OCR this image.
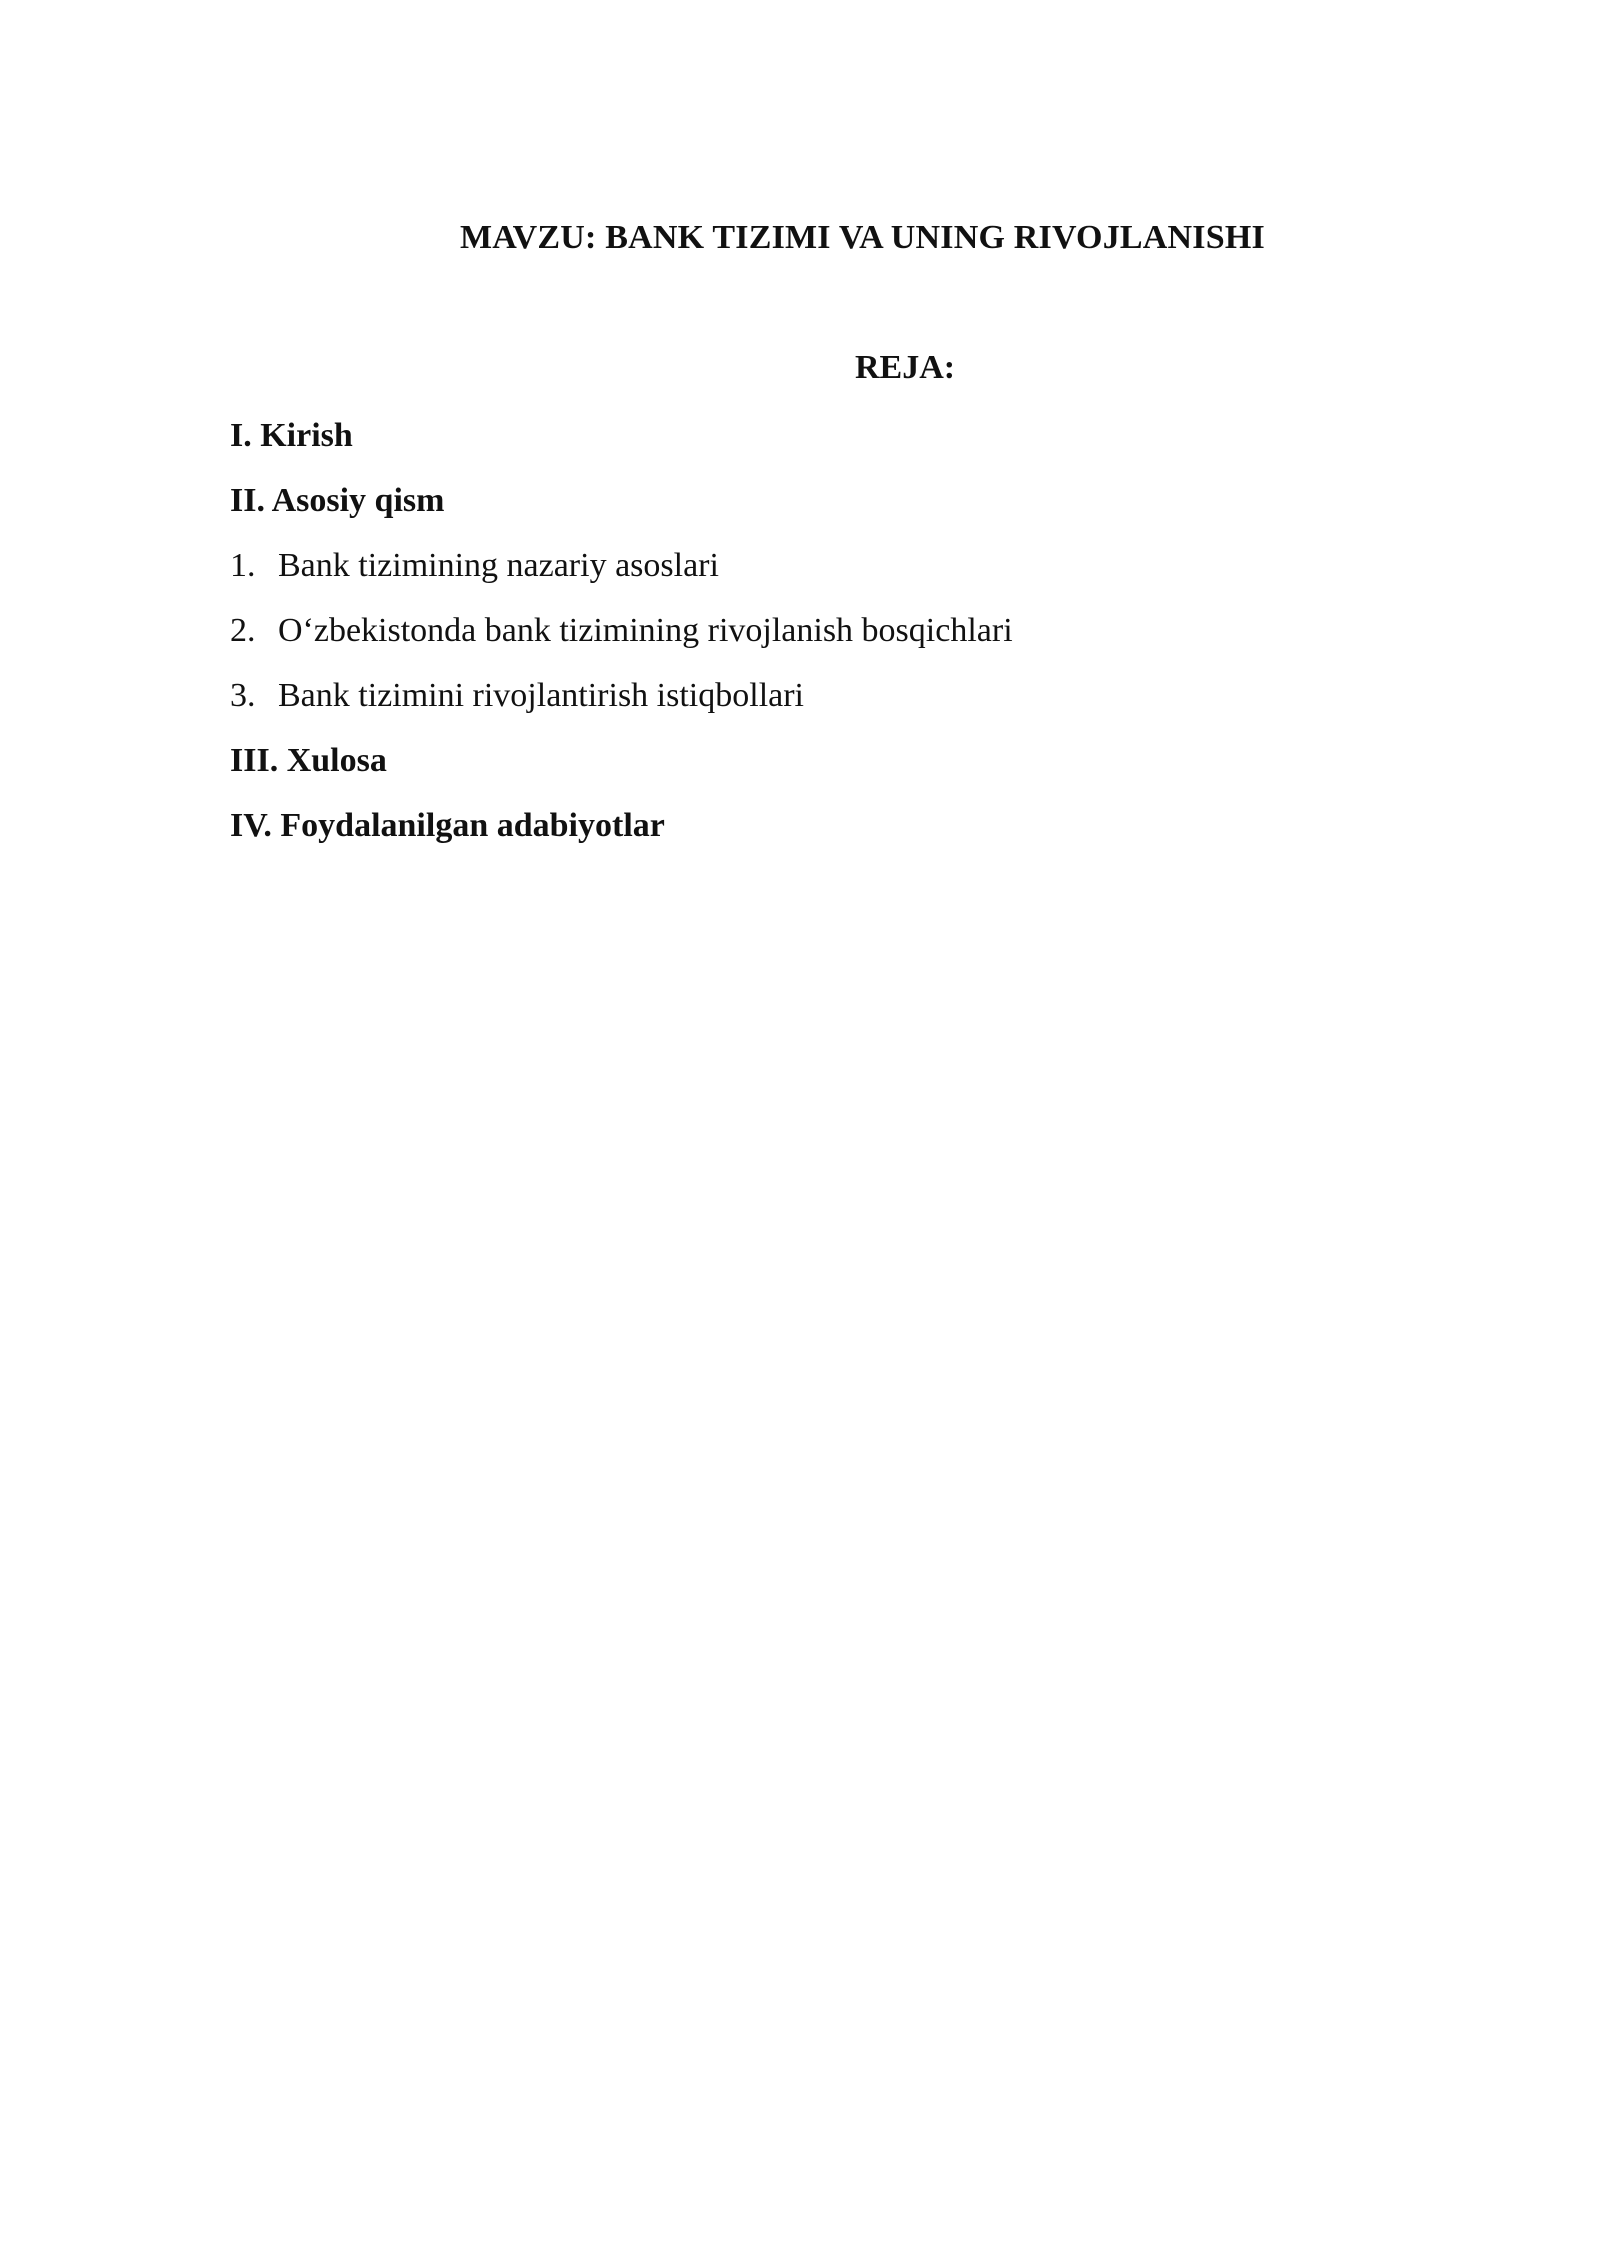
MAVZU: BANK TIZIMI VA UNING RIVOJLANISHI
REJA:
I. Kirish
II. Asosiy qism
1. Bank tizimining nazariy asoslari
2. O‘zbekistonda bank tizimining rivojlanish bosqichlari
3. Bank tizimini rivojlantirish istiqbollari
III. Xulosa
IV. Foydalanilgan adabiyotlar
